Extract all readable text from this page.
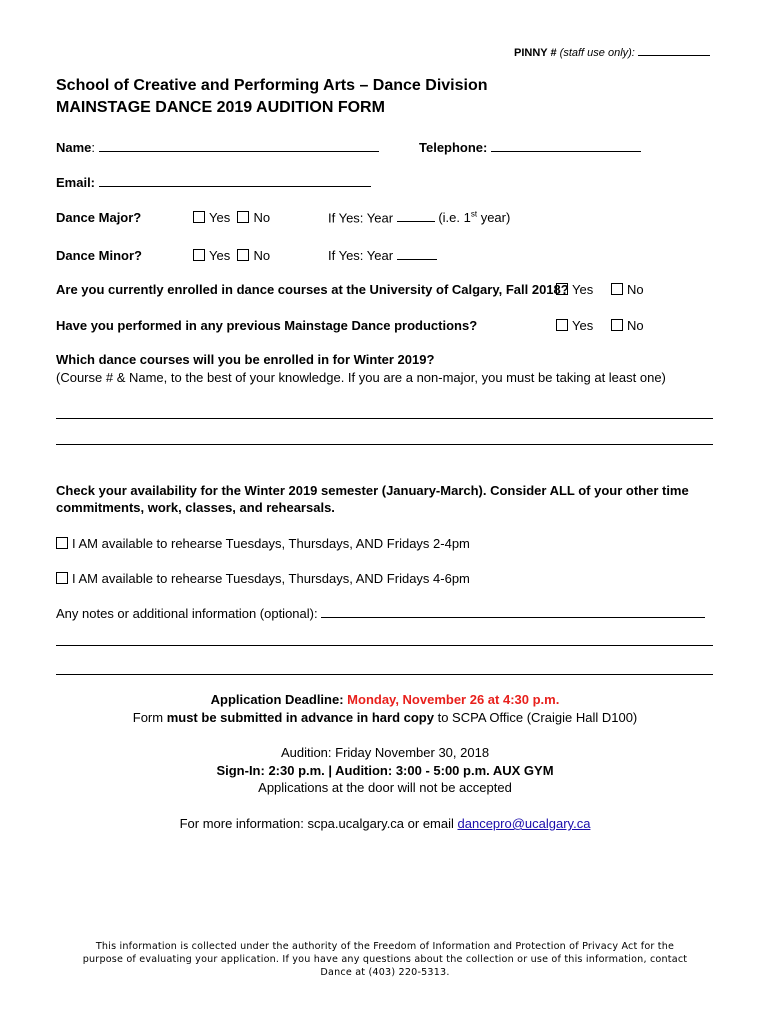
PINNY # (staff use only):
School of Creative and Performing Arts – Dance Division
MAINSTAGE DANCE 2019 AUDITION FORM
Name:	Telephone:
Email:
Dance Major?	Yes No	If Yes: Year	(i.e. 1st year)
Dance Minor?	Yes No	If Yes: Year
Are you currently enrolled in dance courses at the University of Calgary, Fall 2018? Yes	No
Have you performed in any previous Mainstage Dance productions?	Yes	No
Which dance courses will you be enrolled in for Winter 2019?
(Course # & Name, to the best of your knowledge. If you are a non-major, you must be taking at least one)
Check your availability for the Winter 2019 semester (January-March). Consider ALL of your other time
commitments, work, classes, and rehearsals.
I AM available to rehearse Tuesdays, Thursdays, AND Fridays 2-4pm
I AM available to rehearse Tuesdays, Thursdays, AND Fridays 4-6pm
Any notes or additional information (optional):
Application Deadline: Monday, November 26 at 4:30 p.m.
Form must be submitted in advance in hard copy to SCPA Office (Craigie Hall D100)
Audition: Friday November 30, 2018
Sign-In: 2:30 p.m. | Audition: 3:00 - 5:00 p.m. AUX GYM
Applications at the door will not be accepted
For more information: scpa.ucalgary.ca or email dancepro@ucalgary.ca
This information is collected under the authority of the Freedom of Information and Protection of Privacy Act for the
purpose of evaluating your application. If you have any questions about the collection or use of this information, contact
Dance at (403) 220-5313.
